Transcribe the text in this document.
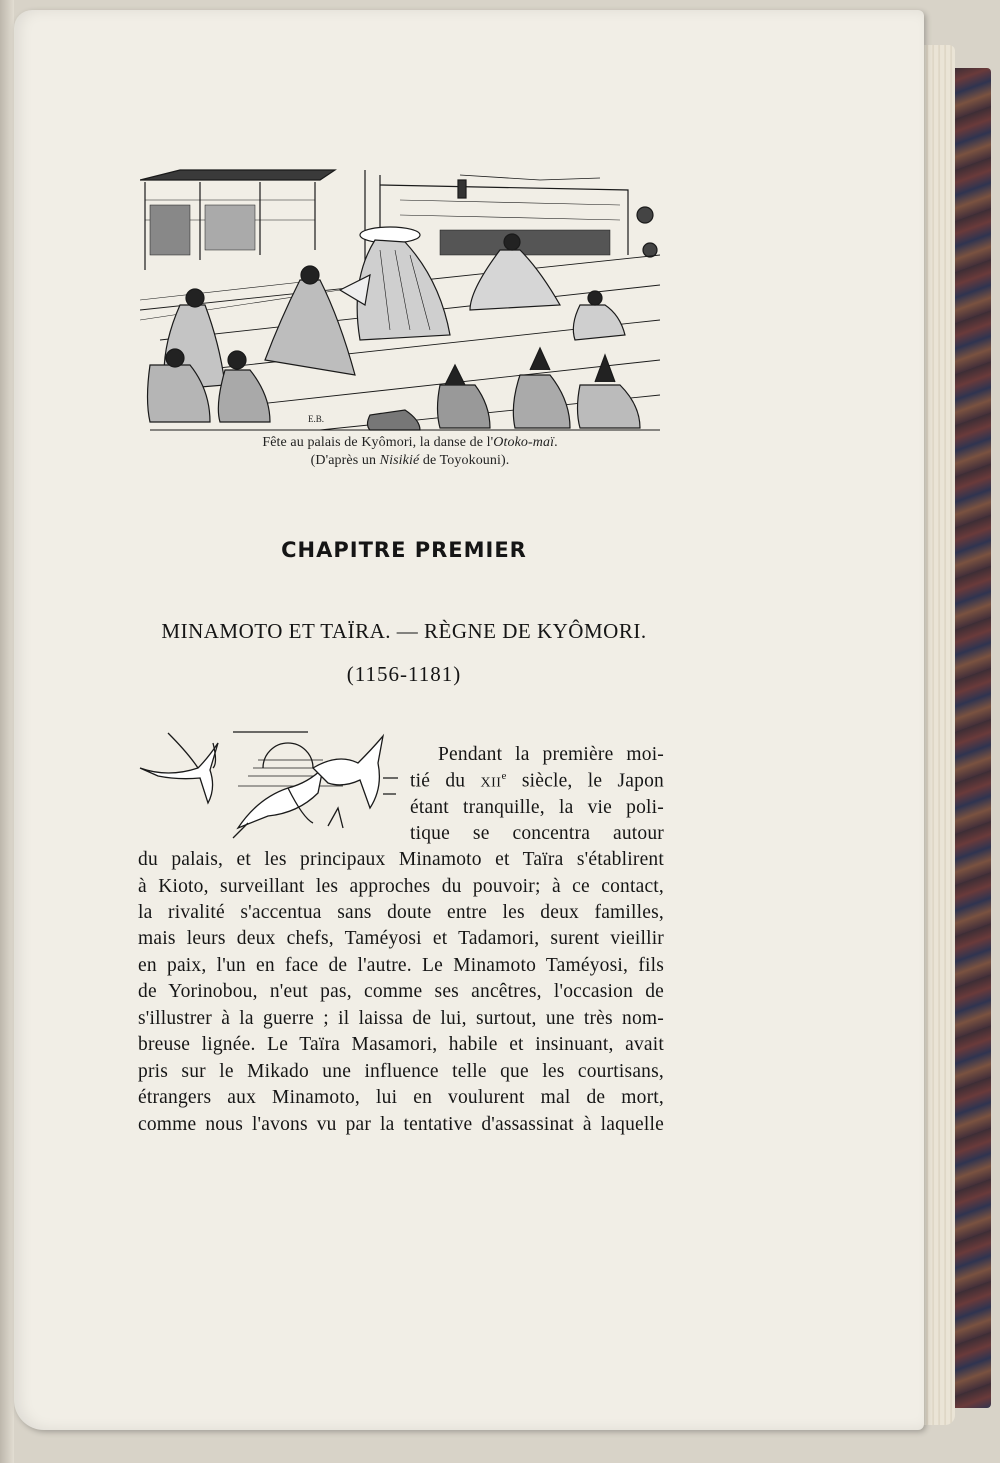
E.B.
Fête au palais de Kyômori, la danse de l'Otoko-maï.
(D'après un Nisikié de Toyokouni).
CHAPITRE PREMIER
MINAMOTO ET TAÏRA. — RÈGNE DE KYÔMORI.
(1156-1181)
Pendant la première moi-
tié du XIIe siècle, le Japon
étant tranquille, la vie poli-
tique se concentra autour
du palais, et les principaux Minamoto et Taïra s'établirent
à Kioto, surveillant les approches du pouvoir; à ce contact,
la rivalité s'accentua sans doute entre les deux familles,
mais leurs deux chefs, Taméyosi et Tadamori, surent vieillir
en paix, l'un en face de l'autre. Le Minamoto Taméyosi, fils
de Yorinobou, n'eut pas, comme ses ancêtres, l'occasion de
s'illustrer à la guerre ; il laissa de lui, surtout, une très nom-
breuse lignée. Le Taïra Masamori, habile et insinuant, avait
pris sur le Mikado une influence telle que les courtisans,
étrangers aux Minamoto, lui en voulurent mal de mort,
comme nous l'avons vu par la tentative d'assassinat à laquelle
